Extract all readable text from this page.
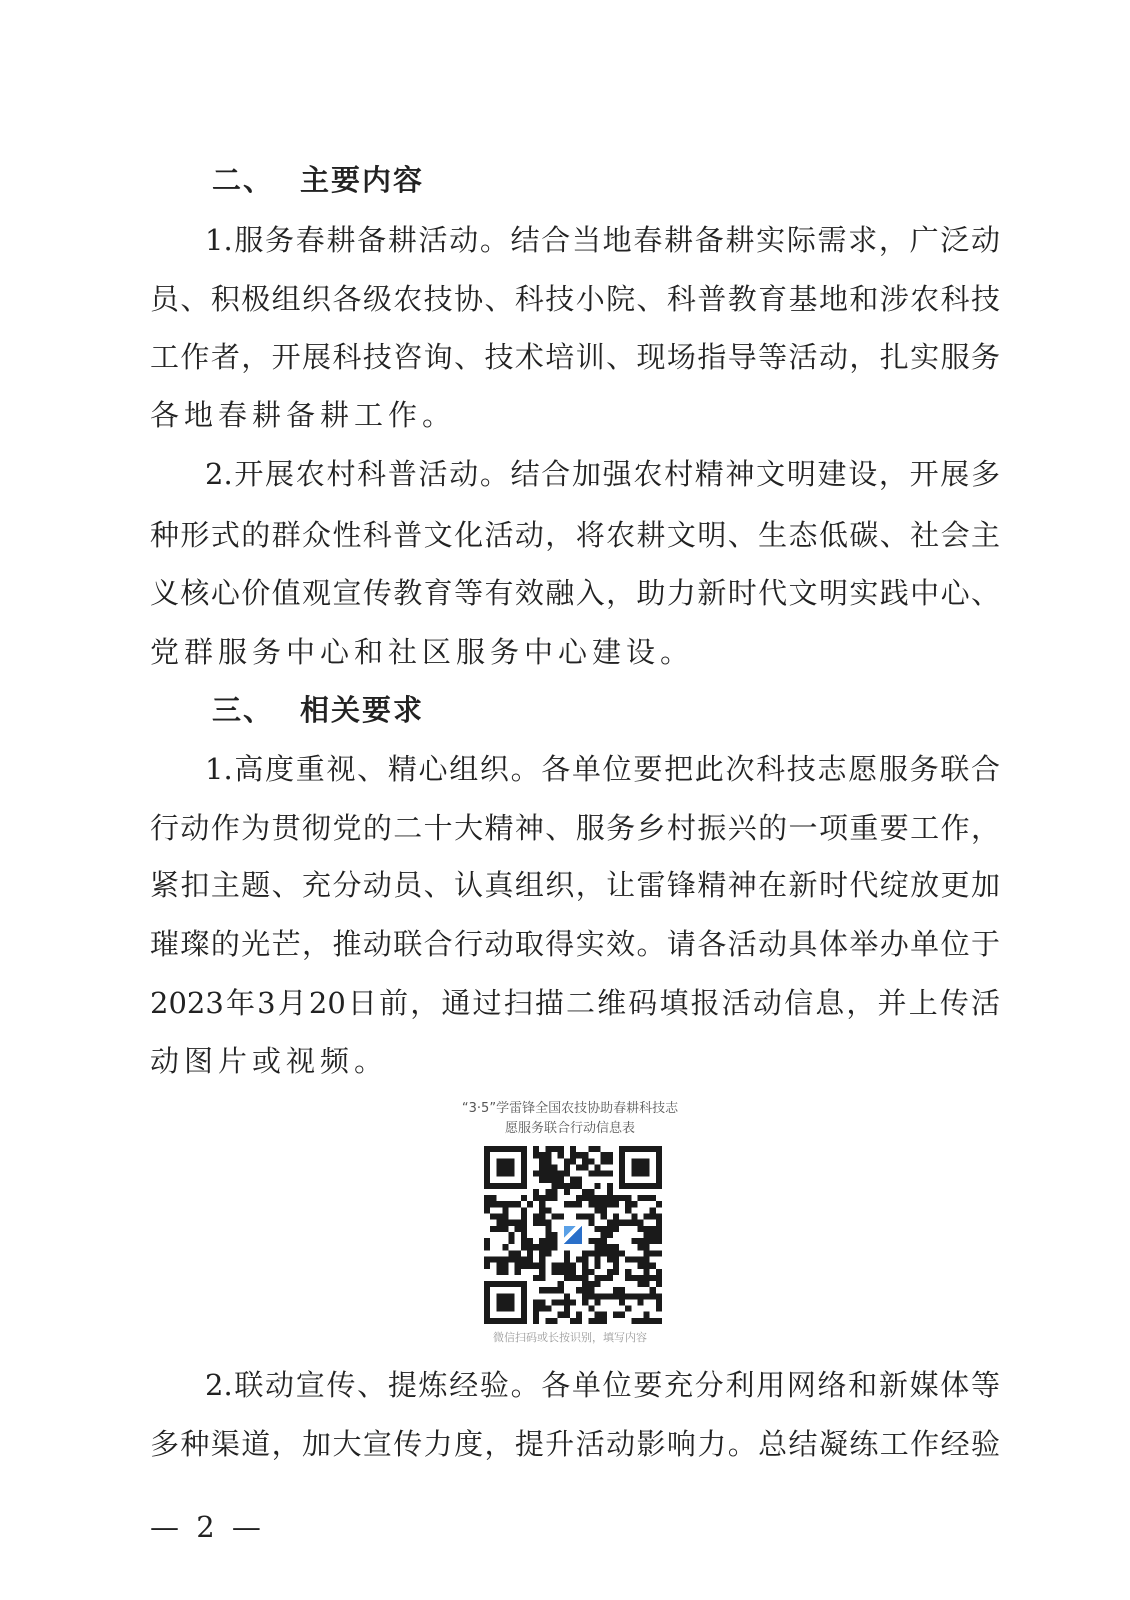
二、 主要内容
1.服务春耕备耕活动。结合当地春耕备耕实际需求，广泛动
员、积极组织各级农技协、科技小院、科普教育基地和涉农科技
工作者，开展科技咨询、技术培训、现场指导等活动，扎实服务
各地春耕备耕工作。
2.开展农村科普活动。结合加强农村精神文明建设，开展多
种形式的群众性科普文化活动，将农耕文明、生态低碳、社会主
义核心价值观宣传教育等有效融入，助力新时代文明实践中心、
党群服务中心和社区服务中心建设。
三、 相关要求
1.高度重视、精心组织。各单位要把此次科技志愿服务联合
行动作为贯彻党的二十大精神、服务乡村振兴的一项重要工作，
紧扣主题、充分动员、认真组织，让雷锋精神在新时代绽放更加
璀璨的光芒，推动联合行动取得实效。请各活动具体举办单位于
2023年3月20日前，通过扫描二维码填报活动信息，并上传活
动图片或视频。
“3·5”学雷锋全国农技协助春耕科技志
愿服务联合行动信息表
微信扫码或长按识别，填写内容
2.联动宣传、提炼经验。各单位要充分利用网络和新媒体等
多种渠道，加大宣传力度，提升活动影响力。总结凝练工作经验
— 2 —
